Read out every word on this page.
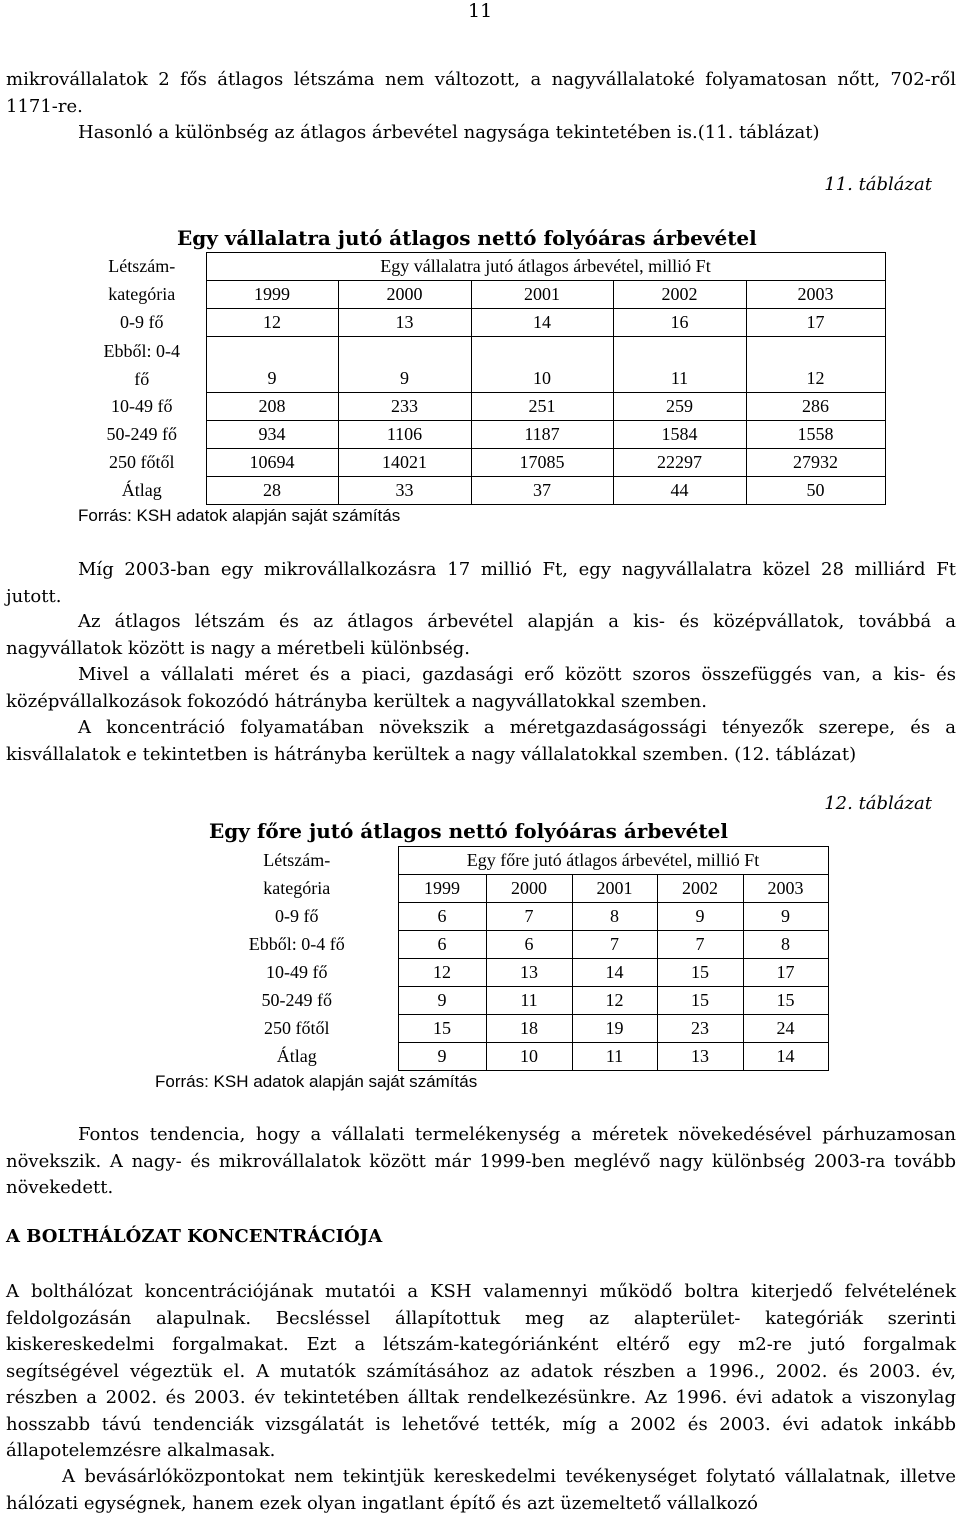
11

mikrovállalatok 2 fős átlagos létszáma nem változott, a nagyvállalatoké folyamatosan nőtt, 702-ről 1171-re.

Hasonló a különbség az átlagos árbevétel nagysága tekintetében is.(11. táblázat)

11. táblázat
Egy vállalatra jutó átlagos nettó folyóáras árbevétel
Létszám-	Egy vállalatra jutó átlagos árbevétel, millió Ft				
kategória	1999	2000	2001	2002	2003
0-9 fő	12	13	14	16	17
Ebből: 0-4
fő	9	9	10	11	12
10-49 fő	208	233	251	259	286
50-249 fő	934	1106	1187	1584	1558
250 főtől	10694	14021	17085	22297	27932
Átlag	28	33	37	44	50
Forrás: KSH adatok alapján saját számítás

Míg 2003-ban egy mikrovállalkozásra 17 millió Ft, egy nagyvállalatra közel 28 milliárd Ft jutott.

Az átlagos létszám és az átlagos árbevétel alapján a kis- és középvállatok, továbbá a nagyvállatok között is nagy a méretbeli különbség.

Mivel a vállalati méret és a piaci, gazdasági erő között szoros összefüggés van, a kis- és középvállalkozások fokozódó hátrányba kerültek a nagyvállatokkal szemben.

A koncentráció folyamatában növekszik a méretgazdaságossági tényezők szerepe, és a kisvállalatok e tekintetben is hátrányba kerültek a nagy vállalatokkal szemben. (12. táblázat)

12. táblázat
Egy főre jutó átlagos nettó folyóáras árbevétel
Létszám-	Egy főre jutó átlagos árbevétel, millió Ft				
kategória	1999	2000	2001	2002	2003
0-9 fő	6	7	8	9	9
Ebből: 0-4 fő	6	6	7	7	8
10-49 fő	12	13	14	15	17
50-249 fő	9	11	12	15	15
250 főtől	15	18	19	23	24
Átlag	9	10	11	13	14
Forrás: KSH adatok alapján saját számítás

Fontos tendencia, hogy a vállalati termelékenység a méretek növekedésével párhuzamosan növekszik. A nagy- és mikrovállalatok között már 1999-ben meglévő nagy különbség 2003-ra tovább növekedett.

A BOLTHÁLÓZAT KONCENTRÁCIÓJA

A bolthálózat koncentrációjának mutatói a KSH valamennyi működő boltra kiterjedő felvételének feldolgozásán alapulnak. Becsléssel állapítottuk meg az alapterület- kategóriák szerinti kiskereskedelmi forgalmakat. Ezt a létszám-kategóriánként eltérő egy m2-re jutó forgalmak segítségével végeztük el. A mutatók számításához az adatok részben a 1996., 2002. és 2003. év, részben a 2002. és 2003. év tekintetében álltak rendelkezésünkre. Az 1996. évi adatok a viszonylag hosszabb távú tendenciák vizsgálatát is lehetővé tették, míg a 2002 és 2003. évi adatok inkább állapotelemzésre alkalmasak.

A bevásárlóközpontokat nem tekintjük kereskedelmi tevékenységet folytató vállalatnak, illetve hálózati egységnek, hanem ezek olyan ingatlant építő és azt üzemeltető vállalkozó
